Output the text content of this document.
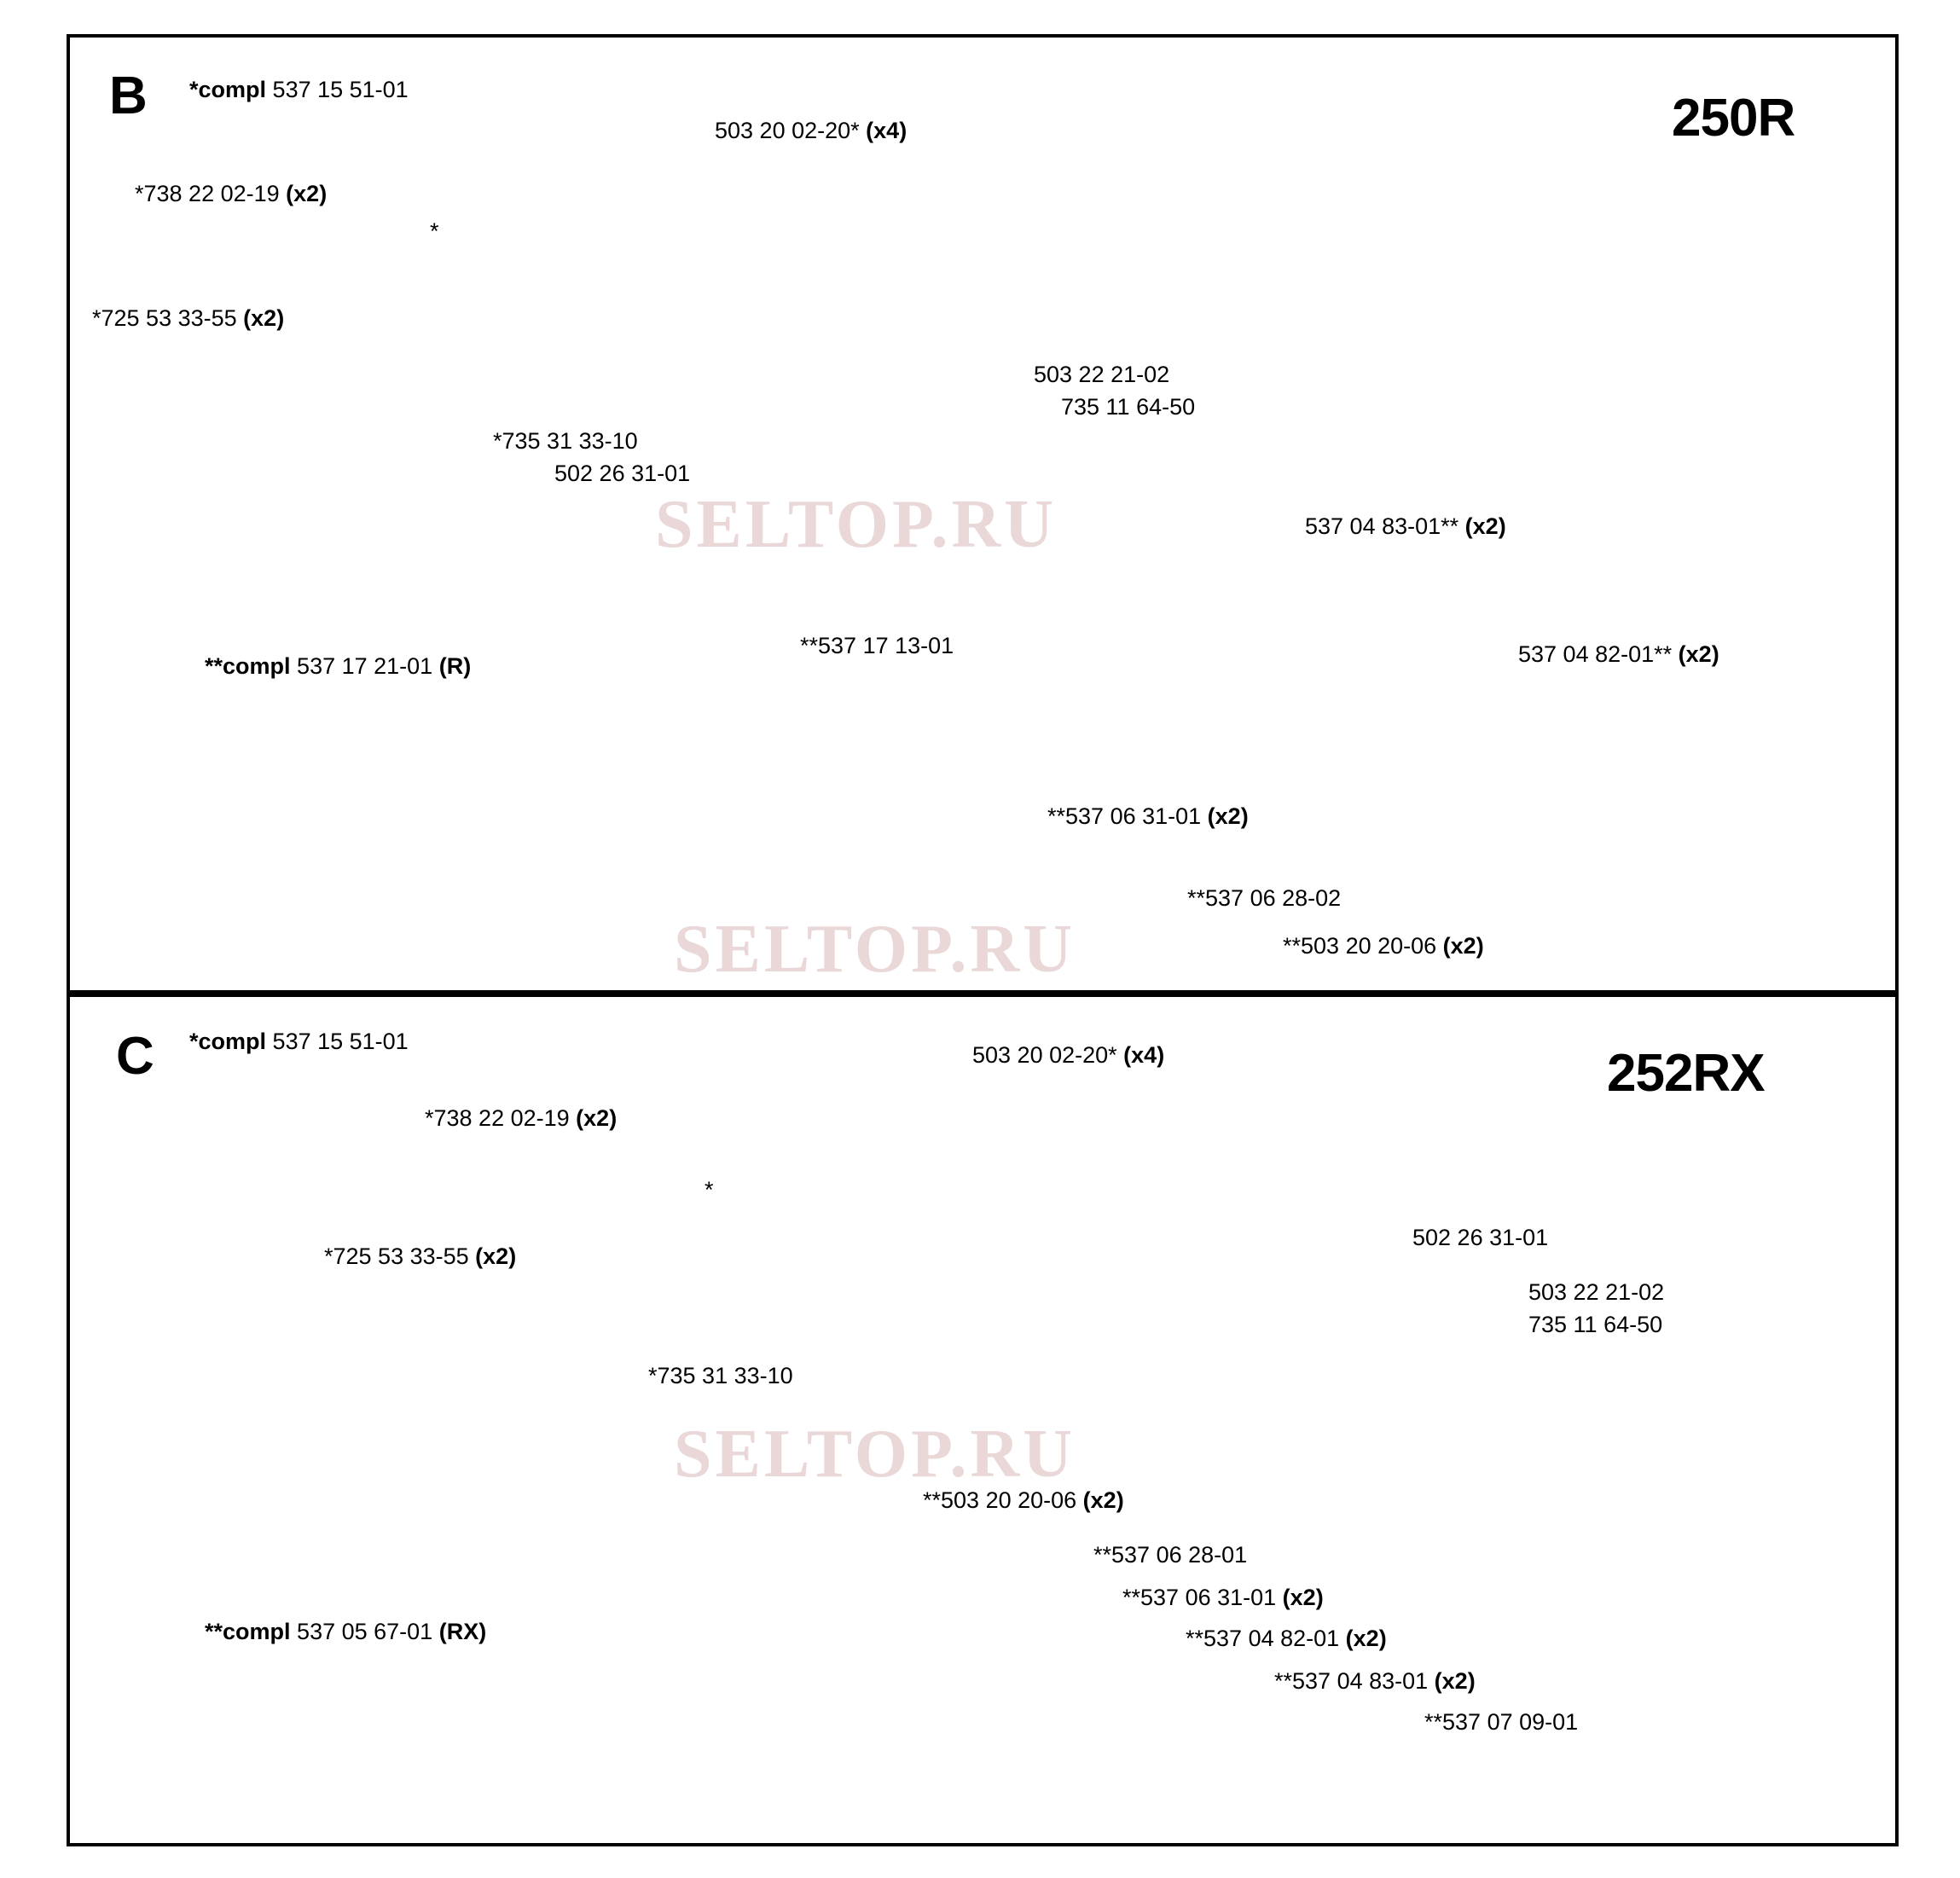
SELTOP.RU
SELTOP.RU
SELTOP.RU
B	250R
*compl 537 15 51-01
**compl 537 17 21-01 (R)
503 20 02-20* (x4)
*738 22 02-19 (x2)
*
*725 53 33-55 (x2)
*735 31 33-10
502 26 31-01
503 22 21-02
735 11 64-50
537 04 83-01** (x2)
**537 17 13-01	537 04 82-01** (x2)
**537 06 31-01 (x2)
**537 06 28-02
**503 20 20-06 (x2)
C	252RX
*compl 537 15 51-01
**compl 537 05 67-01 (RX)
503 20 02-20* (x4)
*738 22 02-19 (x2)
*
*725 53 33-55 (x2)
*735 31 33-10
502 26 31-01
503 22 21-02
735 11 64-50
**503 20 20-06 (x2)
**537 06 28-01
**537 06 31-01 (x2)
**537 04 82-01 (x2)
**537 04 83-01 (x2)
**537 07 09-01
